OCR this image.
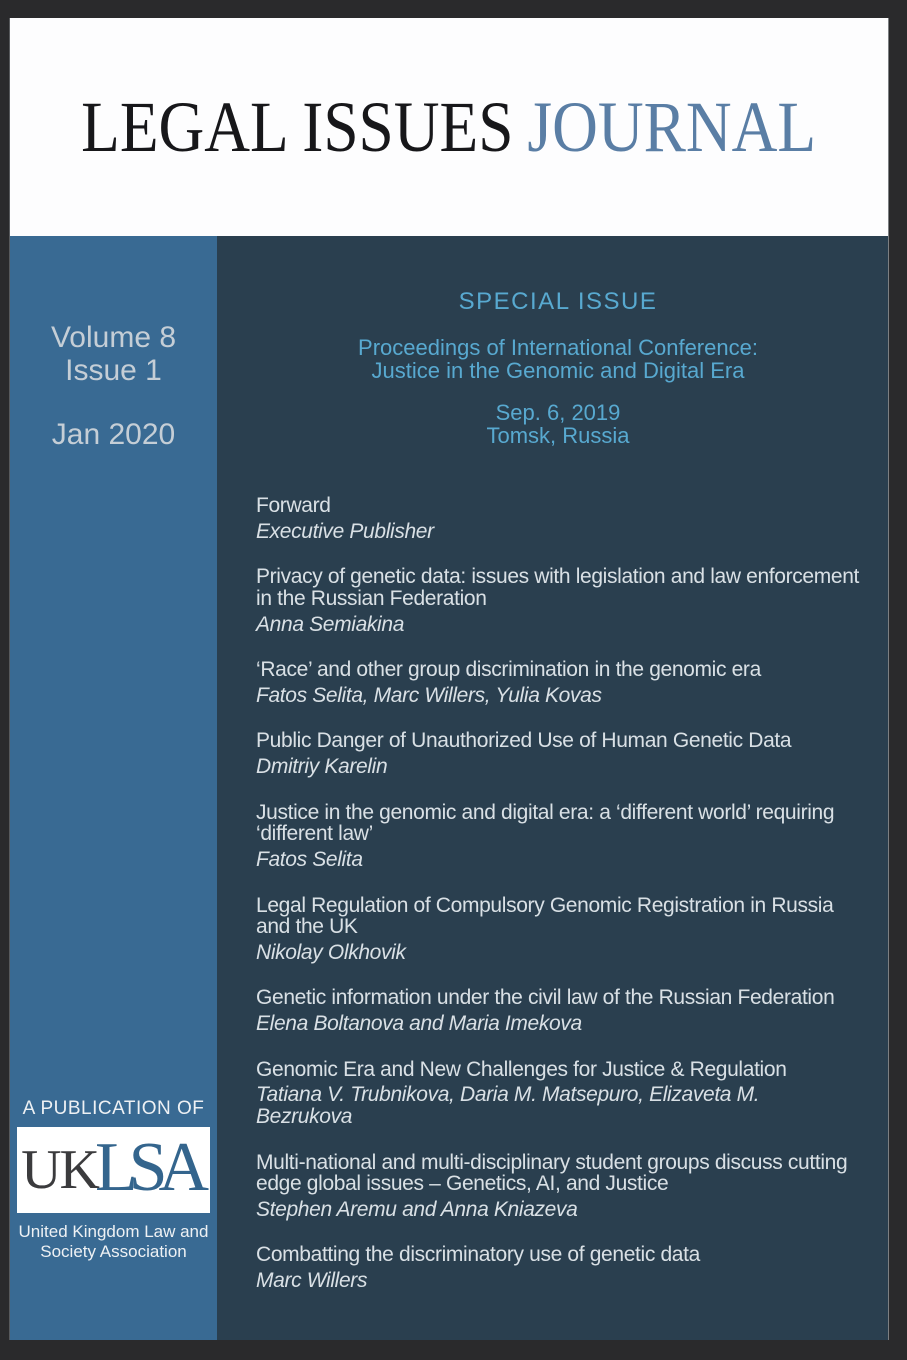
LEGAL ISSUES JOURNAL
Volume 8
Issue 1
Jan 2020
A PUBLICATION OF
UK
LSA
United Kingdom Law and
Society Association
SPECIAL ISSUE
Proceedings of International Conference:
Justice in the Genomic and Digital Era
Sep. 6, 2019
Tomsk, Russia
Forward
Executive Publisher
Privacy of genetic data: issues with legislation and law enforcement in the Russian Federation
Anna Semiakina
‘Race’ and other group discrimination in the genomic era
Fatos Selita, Marc Willers, Yulia Kovas
Public Danger of Unauthorized Use of Human Genetic Data
Dmitriy Karelin
Justice in the genomic and digital era: a ‘different world’ requiring ‘different law’
Fatos Selita
Legal Regulation of Compulsory Genomic Registration in Russia and the UK
Nikolay Olkhovik
Genetic information under the civil law of the Russian Federation
Elena Boltanova and Maria Imekova
Genomic Era and New Challenges for Justice & Regulation
Tatiana V. Trubnikova, Daria M. Matsepuro, Elizaveta M. Bezrukova
Multi-national and multi-disciplinary student groups discuss cutting edge global issues – Genetics, AI, and Justice
Stephen Aremu and Anna Kniazeva
Combatting the discriminatory use of genetic data
Marc Willers
